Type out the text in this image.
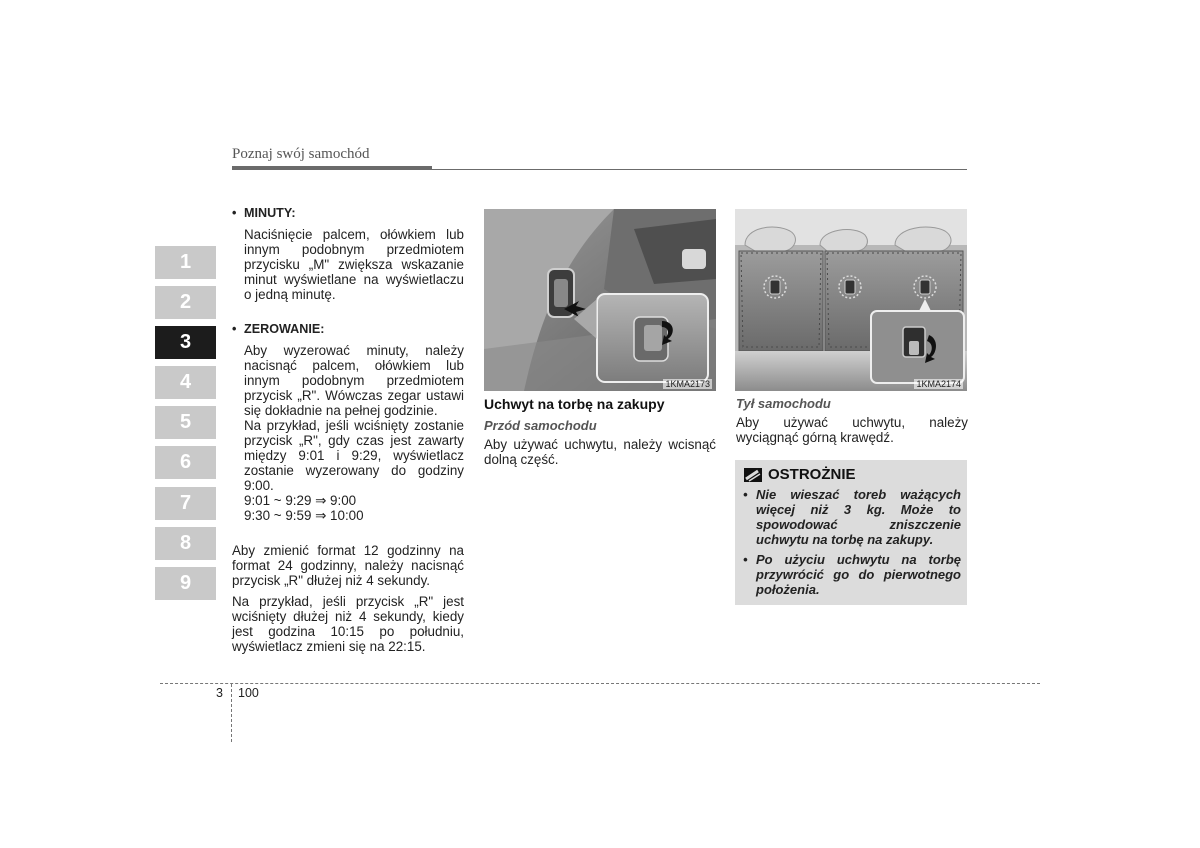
Poznaj swój samochód
1
2
3
4
5
6
7
8
9
• MINUTY:
Naciśnięcie palcem, ołówkiem lub innym podobnym przedmiotem przycisku „M" zwiększa wskazanie minut wyświetlane na wyświetlaczu o jedną minutę.
• ZEROWANIE:
Aby wyzerować minuty, należy nacisnąć palcem, ołówkiem lub innym podobnym przedmiotem przycisk „R". Wówczas zegar ustawi się dokładnie na pełnej godzinie.
Na przykład, jeśli wciśnięty zostanie przycisk „R", gdy czas jest zawarty między 9:01 i 9:29, wyświetlacz zostanie wyzerowany do godziny 9:00.
9:01 ~ 9:29 ⇒ 9:00
9:30 ~ 9:59 ⇒ 10:00
Aby zmienić format 12 godzinny na format 24 godzinny, należy nacisnąć przycisk „R" dłużej niż 4 sekundy.
Na przykład, jeśli przycisk „R" jest wciśnięty dłużej niż 4 sekundy, kiedy jest godzina 10:15 po południu, wyświetlacz zmieni się na 22:15.
1KMA2173
Uchwyt na torbę na zakupy
Przód samochodu
Aby używać uchwytu, należy wcisnąć dolną część.
1KMA2174
Tył samochodu
Aby używać uchwytu, należy wyciągnąć górną krawędź.
OSTROŻNIE
• Nie wieszać toreb ważących więcej niż 3 kg. Może to spowodować zniszczenie uchwytu na torbę na zakupy.
• Po użyciu uchwytu na torbę przywrócić go do pierwotnego położenia.
3 100
